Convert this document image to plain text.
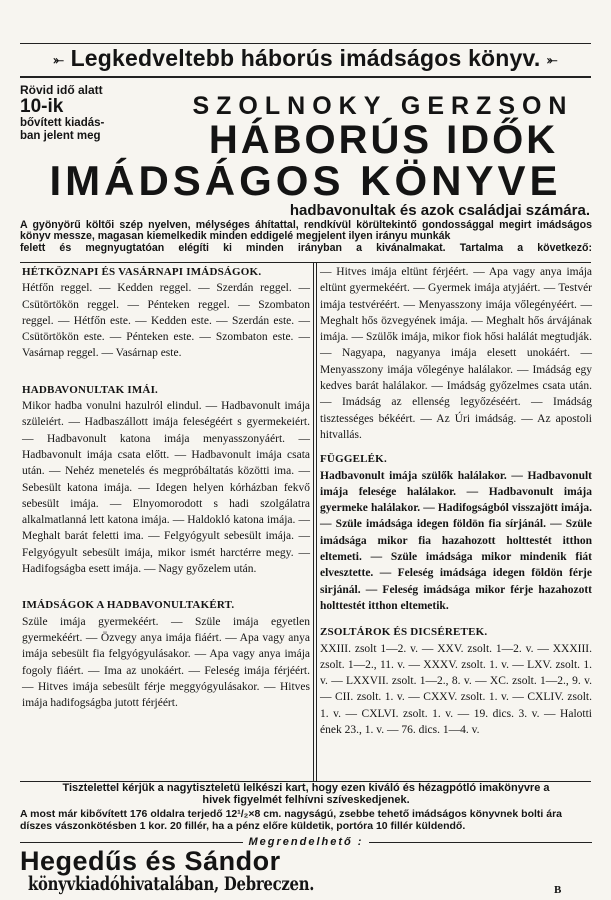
⤜ Legkedveltebb háborús imádságos könyv. ⤜
Rövid idő alatt
10-ik
bővített kiadás-
ban jelent meg
SZOLNOKY GERZSON
HÁBORÚS IDŐK
IMÁDSÁGOS KÖNYVE
hadbavonultak és azok családjai számára.
A gyönyörű költői szép nyelven, mélységes áhítattal, rendkívül körültekintő gondossággal megirt imádságos könyv messze, magasan kiemelkedik minden eddigelé megjelent ilyen irányu munkák
felett és megnyugtatóan elégíti ki minden irányban a kivánalmakat. Tartalma a következő:
HÉTKÖZNAPI ÉS VASÁRNAPI IMÁDSÁGOK.
Hétfőn reggel. — Kedden reggel. — Szerdán reggel. — Csütörtökön reggel. — Pénteken reggel. — Szombaton reggel. — Hétfőn este. — Kedden este. — Szerdán este. — Csütörtökön este. — Pénteken este. — Szombaton este. — Vasárnap reggel. — Vasárnap este.
HADBAVONULTAK IMÁI.
Mikor hadba vonulni hazulról elindul. — Hadbavonult imája szüleiért. — Hadbaszállott imája feleségéért s gyermekeiért. — Hadbavonult katona imája menyasszonyáért. — Hadbavonult imája csata előtt. — Hadbavonult imája csata után. — Nehéz menetelés és megpróbáltatás közötti ima. — Sebesült katona imája. — Idegen helyen kórházban fekvő sebesült imája. — Elnyomorodott s hadi szolgálatra alkalmatlanná lett katona imája. — Haldokló katona imája. — Meghalt barát feletti ima. — Felgyógyult sebesült imája. — Felgyógyult sebesült imája, mikor ismét harctérre megy. — Hadifogságba esett imája. — Nagy győzelem után.
IMÁDSÁGOK A HADBAVONULTAKÉRT.
Szüle imája gyermekéért. — Szüle imája egyetlen gyermekéért. — Özvegy anya imája fiáért. — Apa vagy anya imája sebesült fia felgyógyulásakor. — Apa vagy anya imája fogoly fiáért. — Ima az unokáért. — Feleség imája férjéért. — Hitves imája sebesült férje meggyógyulásakor. — Hitves imája hadifogságba jutott férjéért.
— Hitves imája eltünt férjéért. — Apa vagy anya imája eltünt gyermekéért. — Gyermek imája atyjáért. — Testvér imája testvéréért. — Menyasszony imája vőlegényéért. — Meghalt hős özvegyének imája. — Meghalt hős árvájának imája. — Szülők imája, mikor fiok hősi halálát megtudják. — Nagyapa, nagyanya imája elesett unokáért. — Menyasszony imája vőlegénye halálakor. — Imádság egy kedves barát halálakor. — Imádság győzelmes csata után. — Imádság az ellenség legyőzéséért. — Imádság tisztességes békéért. — Az Úri imádság. — Az apostoli hitvallás.
FÜGGELÉK.
Hadbavonult imája szülők halálakor. — Hadbavonult imája felesége halálakor. — Hadbavonult imája gyermeke halálakor. — Hadifogságból visszajött imája. — Szüle imádsága idegen földön fia sírjánál. — Szüle imádsága mikor fia hazahozott holttestét itthon eltemeti. — Szüle imádsága mikor mindenik fiát elvesztette. — Feleség imádsága idegen földön férje sirjánál. — Feleség imádsága mikor férje hazahozott holttestét itthon eltemetik.
ZSOLTÁROK ÉS DICSÉRETEK.
XXIII. zsolt 1—2. v. — XXV. zsolt. 1—2. v. — XXXIII. zsolt. 1—2., 11. v. — XXXV. zsolt. 1. v. — LXV. zsolt. 1. v. — LXXVII. zsolt. 1—2., 8. v. — XC. zsolt. 1—2., 9. v. — CII. zsolt. 1. v. — CXXV. zsolt. 1. v. — CXLIV. zsolt. 1. v. — CXLVI. zsolt. 1. v. — 19. dics. 3. v. — Halotti ének 23., 1. v. — 76. dics. 1—4. v.
Tisztelettel kérjük a nagytiszteletü lelkészi kart, hogy ezen kiváló és hézagpótló imakönyvre a
hivek figyelmét felhívni szíveskedjenek.
A most már kibővített 176 oldalra terjedő 12¹/₂×8 cm. nagyságú, zsebbe tehető imádságos könyvnek bolti ára díszes vászonkötésben 1 kor. 20 fillér, ha a pénz előre küldetik, portóra 10 fillér küldendő.
Megrendelhető :
Hegedűs és Sándorkönyvkiadóhivatalában, Debreczen.	B
